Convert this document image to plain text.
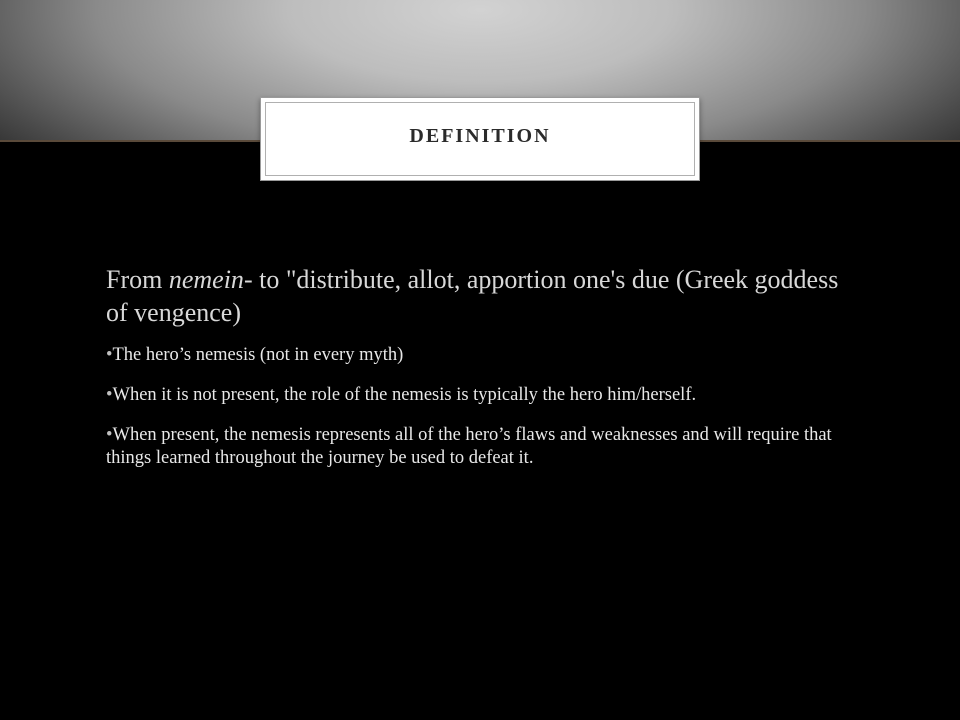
DEFINITION

From nemein- to "distribute, allot, apportion one's due (Greek goddess of vengence)

•The hero’s nemesis (not in every myth)
•When it is not present, the role of the nemesis is typically the hero him/herself.
•When present, the nemesis represents all of the hero’s flaws and weaknesses and will require that things learned throughout the journey be used to defeat it.
